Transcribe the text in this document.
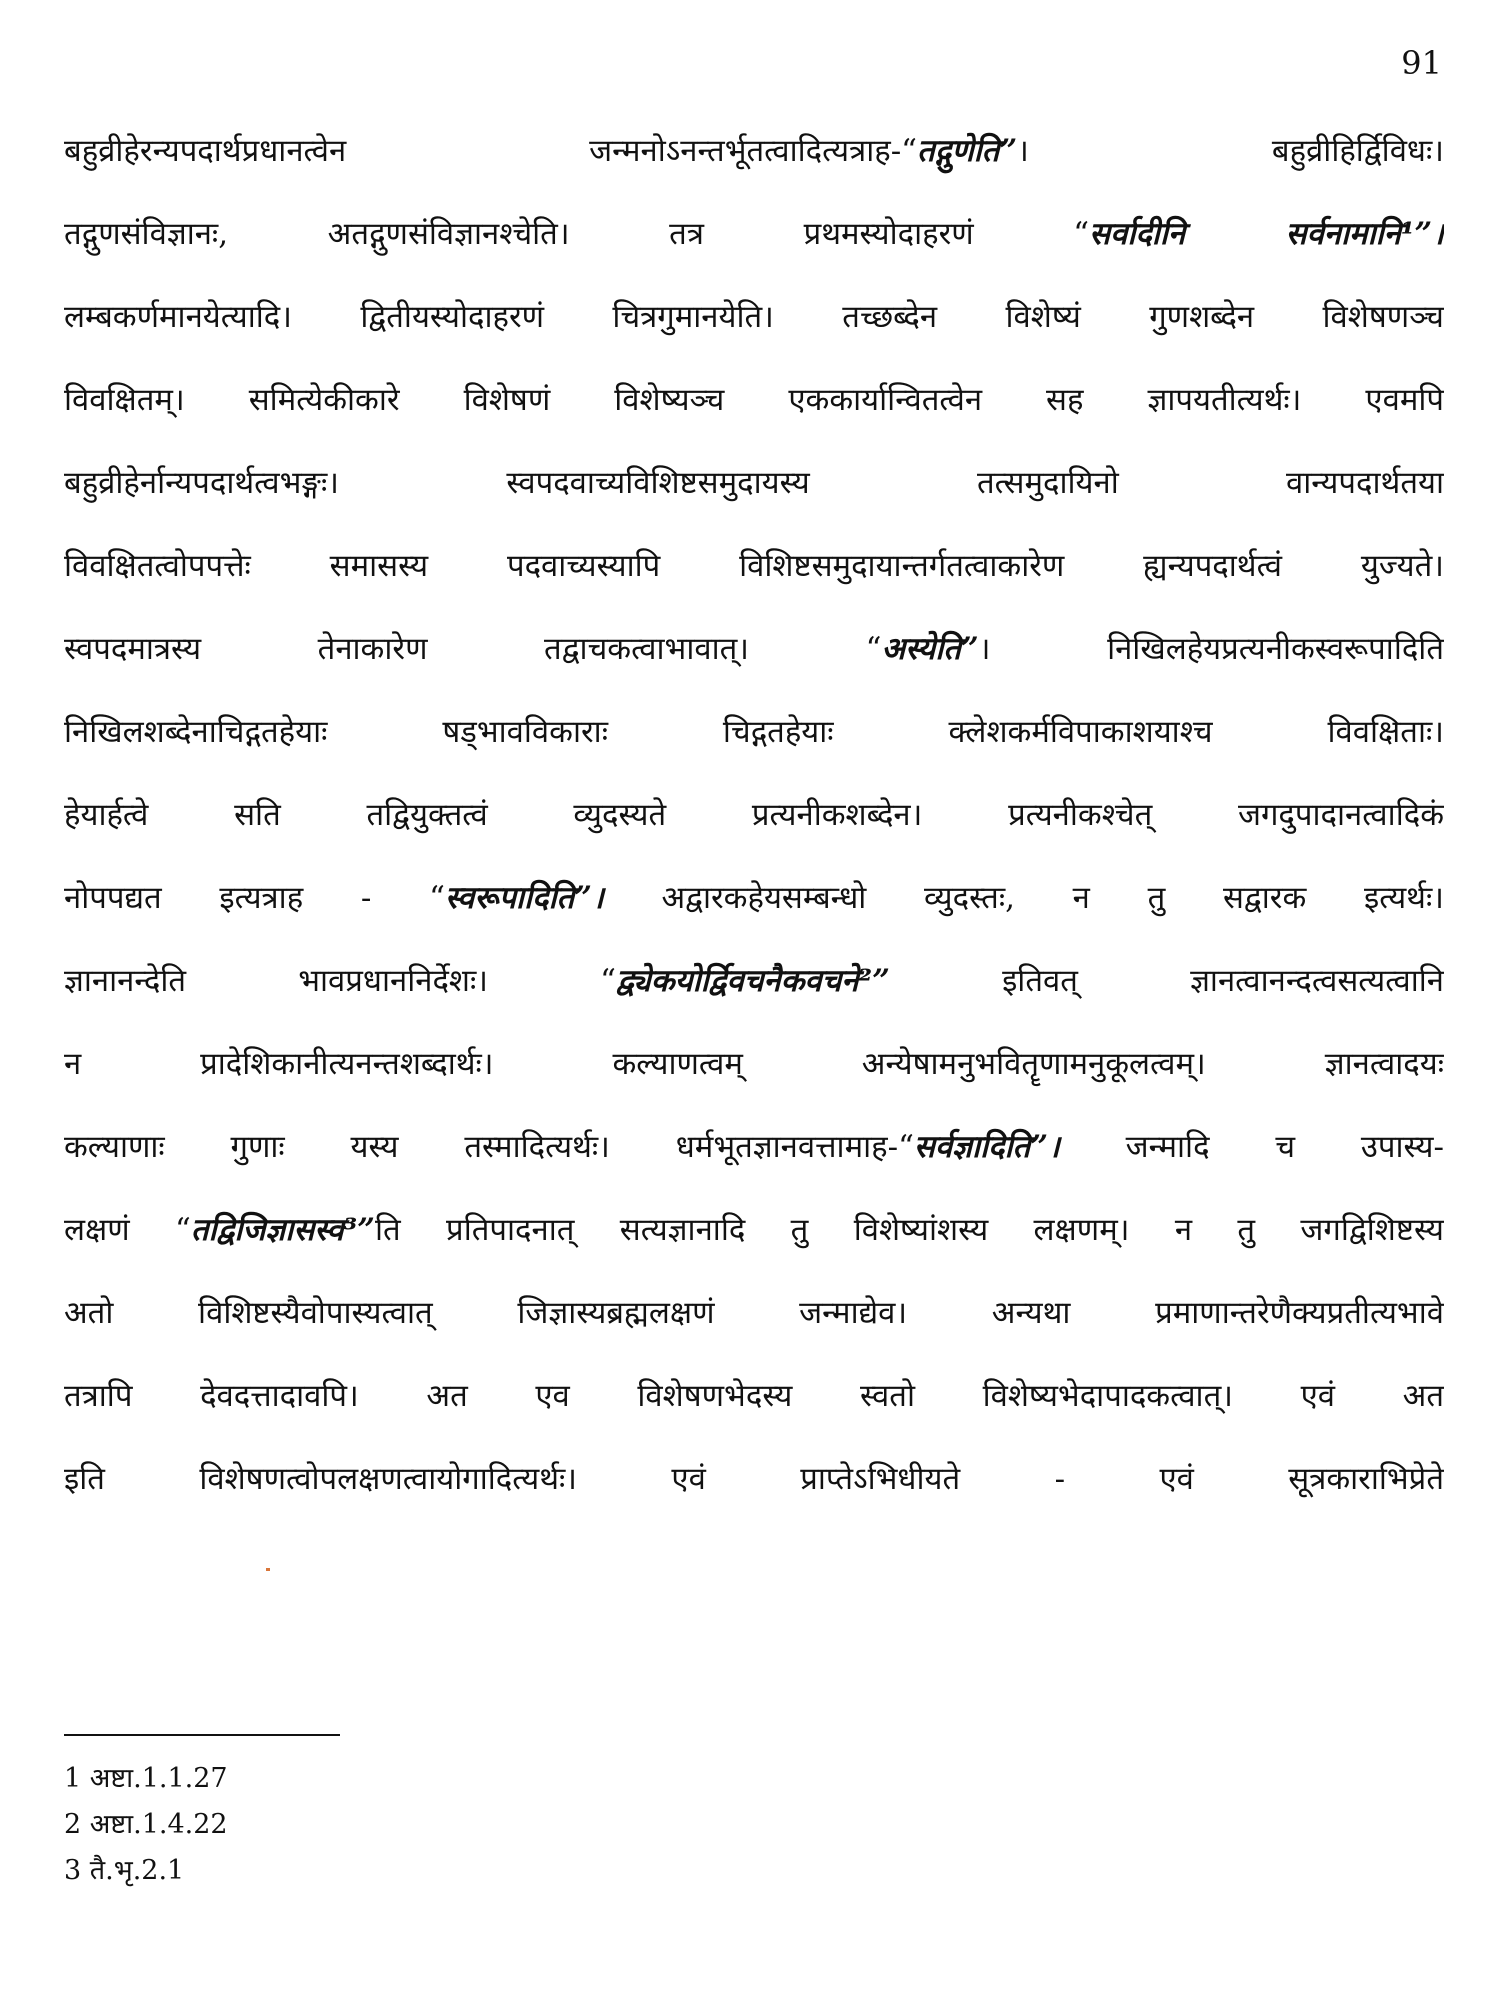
91
बहुव्रीहेरन्यपदार्थप्रधानत्वेन जन्मनोऽनन्तर्भूतत्वादित्यत्राह-“तद्गुणेति”। बहुव्रीहिर्द्विविधः।
तद्गुणसंविज्ञानः, अतद्गुणसंविज्ञानश्चेति। तत्र प्रथमस्योदाहरणं “सर्वादीनि सर्वनामानि¹”।
लम्बकर्णमानयेत्यादि। द्वितीयस्योदाहरणं चित्रगुमानयेति। तच्छब्देन विशेष्यं गुणशब्देन विशेषणञ्च
विवक्षितम्। समित्येकीकारे विशेषणं विशेष्यञ्च एककार्यान्वितत्वेन सह ज्ञापयतीत्यर्थः। एवमपि
बहुव्रीहेर्नान्यपदार्थत्वभङ्गः। स्वपदवाच्यविशिष्टसमुदायस्य तत्समुदायिनो वान्यपदार्थतया
विवक्षितत्वोपपत्तेः समासस्य पदवाच्यस्यापि विशिष्टसमुदायान्तर्गतत्वाकारेण ह्यन्यपदार्थत्वं युज्यते।
स्वपदमात्रस्य तेनाकारेण तद्वाचकत्वाभावात्। “अस्येति”। निखिलहेयप्रत्यनीकस्वरूपादिति
निखिलशब्देनाचिद्गतहेयाः षड्भावविकाराः चिद्गतहेयाः क्लेशकर्मविपाकाशयाश्च विवक्षिताः।
हेयार्हत्वे सति तद्वियुक्तत्वं व्युदस्यते प्रत्यनीकशब्देन। प्रत्यनीकश्चेत् जगदुपादानत्वादिकं
नोपपद्यत इत्यत्राह - “स्वरूपादिति”। अद्वारकहेयसम्बन्धो व्युदस्तः, न तु सद्वारक इत्यर्थः।
ज्ञानानन्देति भावप्रधाननिर्देशः। “द्व्येकयोर्द्विवचनैकवचने²” इतिवत् ज्ञानत्वानन्दत्वसत्यत्वानि
न प्रादेशिकानीत्यनन्तशब्दार्थः। कल्याणत्वम् अन्येषामनुभवितॄणामनुकूलत्वम्। ज्ञानत्वादयः
कल्याणाः गुणाः यस्य तस्मादित्यर्थः। धर्मभूतज्ञानवत्तामाह-“सर्वज्ञादिति”। जन्मादि च उपास्य-
लक्षणं “तद्विजिज्ञासस्व³”ति प्रतिपादनात् सत्यज्ञानादि तु विशेष्यांशस्य लक्षणम्। न तु जगद्विशिष्टस्य
अतो विशिष्टस्यैवोपास्यत्वात् जिज्ञास्यब्रह्मलक्षणं जन्माद्येव। अन्यथा प्रमाणान्तरेणैक्यप्रतीत्यभावे
तत्रापि देवदत्तादावपि। अत एव विशेषणभेदस्य स्वतो विशेष्यभेदापादकत्वात्। एवं अत
इति विशेषणत्वोपलक्षणत्वायोगादित्यर्थः। एवं प्राप्तेऽभिधीयते - एवं सूत्रकाराभिप्रेते
1 अष्टा.1.1.27
2 अष्टा.1.4.22
3 तै.भृ.2.1
